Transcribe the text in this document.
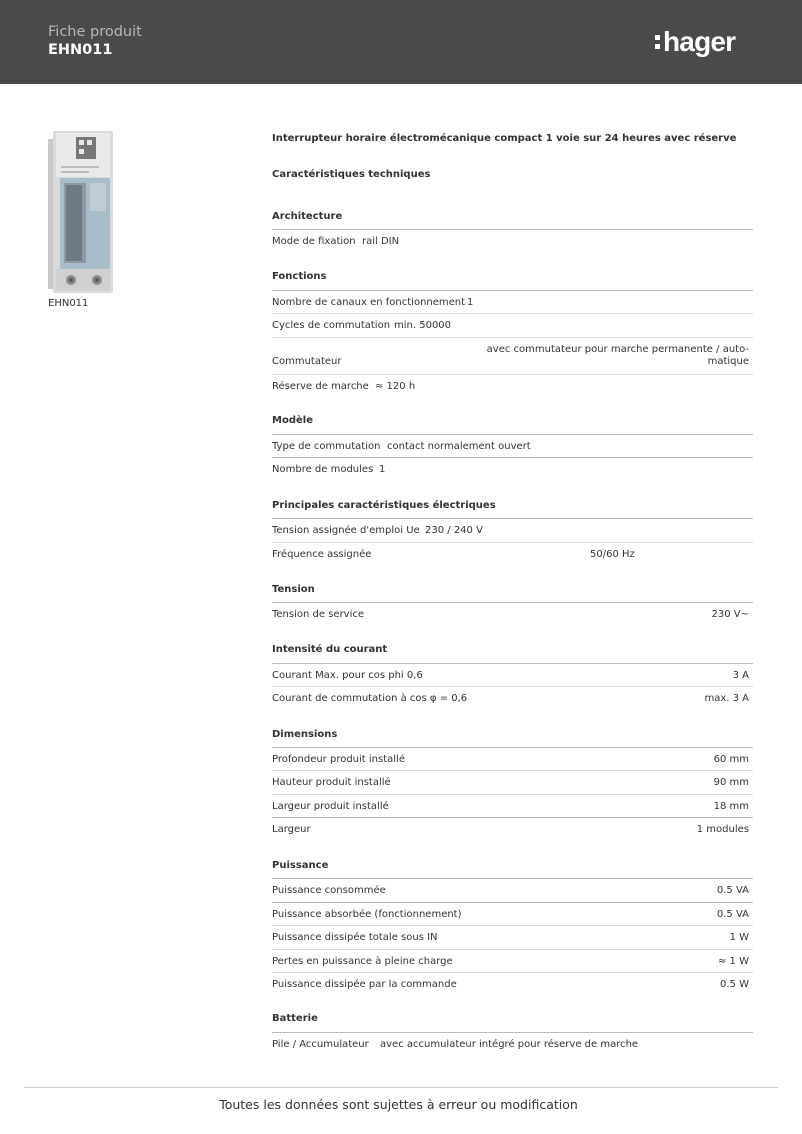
Fiche produit
EHN011	hager
EHN011
Interrupteur horaire électromécanique compact 1 voie sur 24 heures avec réserve
Caractéristiques techniques
Architecture
Mode de fixation rail DIN
Fonctions
Nombre de canaux en fonctionnement 1
Cycles de commutation min. 50000
Commutateur
avec commutateur pour marche permanente / auto-
matique
Réserve de marche ≈ 120 h
Modèle
Type de commutation contact normalement ouvert
Nombre de modules 1
Principales caractéristiques électriques
Tension assignée d'emploi Ue 230 / 240 V
Fréquence assignée	50/60 Hz
Tension
Tension de service	230 V~
Intensité du courant
Courant Max. pour cos phi 0,6	3 A
Courant de commutation à cos φ = 0,6	max. 3 A
Dimensions
Profondeur produit installé	60 mm
Hauteur produit installé	90 mm
Largeur produit installé	18 mm
Largeur	1 modules
Puissance
Puissance consommée	0.5 VA
Puissance absorbée (fonctionnement)	0.5 VA
Puissance dissipée totale sous IN	1 W
Pertes en puissance à pleine charge	≈ 1 W
Puissance dissipée par la commande	0.5 W
Batterie
Pile / Accumulateur avec accumulateur intégré pour réserve de marche
Toutes les données sont sujettes à erreur ou modification
